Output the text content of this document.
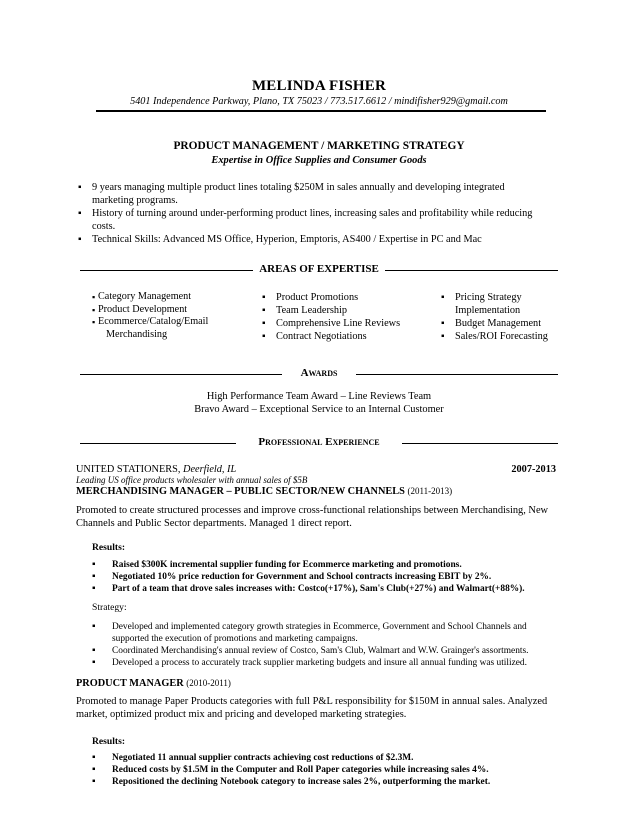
MELINDA FISHER
5401 Independence Parkway, Plano, TX 75023 / 773.517.6612 / mindifisher929@gmail.com
PRODUCT MANAGEMENT / MARKETING STRATEGY
Expertise in Office Supplies and Consumer Goods
▪ 9 years managing multiple product lines totaling $250M in sales annually and developing integrated marketing programs.
▪ History of turning around under-performing product lines, increasing sales and profitability while reducing costs.
▪ Technical Skills: Advanced MS Office, Hyperion, Emptoris, AS400 / Expertise in PC and Mac
AREAS OF EXPERTISE
▪ Category Management
▪ Product Development
▪ Ecommerce/Catalog/Email
Merchandising
▪ Product Promotions
▪ Team Leadership
▪ Comprehensive Line Reviews
▪ Contract Negotiations
▪ Pricing Strategy
Implementation
▪ Budget Management
▪ Sales/ROI Forecasting
Awards
High Performance Team Award – Line Reviews Team
Bravo Award – Exceptional Service to an Internal Customer
Professional Experience
UNITED STATIONERS, Deerfield, IL	2007-2013
Leading US office products wholesaler with annual sales of $5B
MERCHANDISING MANAGER – PUBLIC SECTOR/NEW CHANNELS (2011-2013)
Promoted to create structured processes and improve cross-functional relationships between Merchandising, New Channels and Public Sector departments. Managed 1 direct report.
Results:
▪ Raised $300K incremental supplier funding for Ecommerce marketing and promotions.
▪ Negotiated 10% price reduction for Government and School contracts increasing EBIT by 2%.
▪ Part of a team that drove sales increases with: Costco(+17%), Sam's Club(+27%) and Walmart(+88%).
Strategy:
▪ Developed and implemented category growth strategies in Ecommerce, Government and School Channels and supported the execution of promotions and marketing campaigns.
▪ Coordinated Merchandising's annual review of Costco, Sam's Club, Walmart and W.W. Grainger's assortments.
▪ Developed a process to accurately track supplier marketing budgets and insure all annual funding was utilized.
PRODUCT MANAGER (2010-2011)
Promoted to manage Paper Products categories with full P&L responsibility for $150M in annual sales. Analyzed market, optimized product mix and pricing and developed marketing strategies.
Results:
▪ Negotiated 11 annual supplier contracts achieving cost reductions of $2.3M.
▪ Reduced costs by $1.5M in the Computer and Roll Paper categories while increasing sales 4%.
▪ Repositioned the declining Notebook category to increase sales 2%, outperforming the market.
